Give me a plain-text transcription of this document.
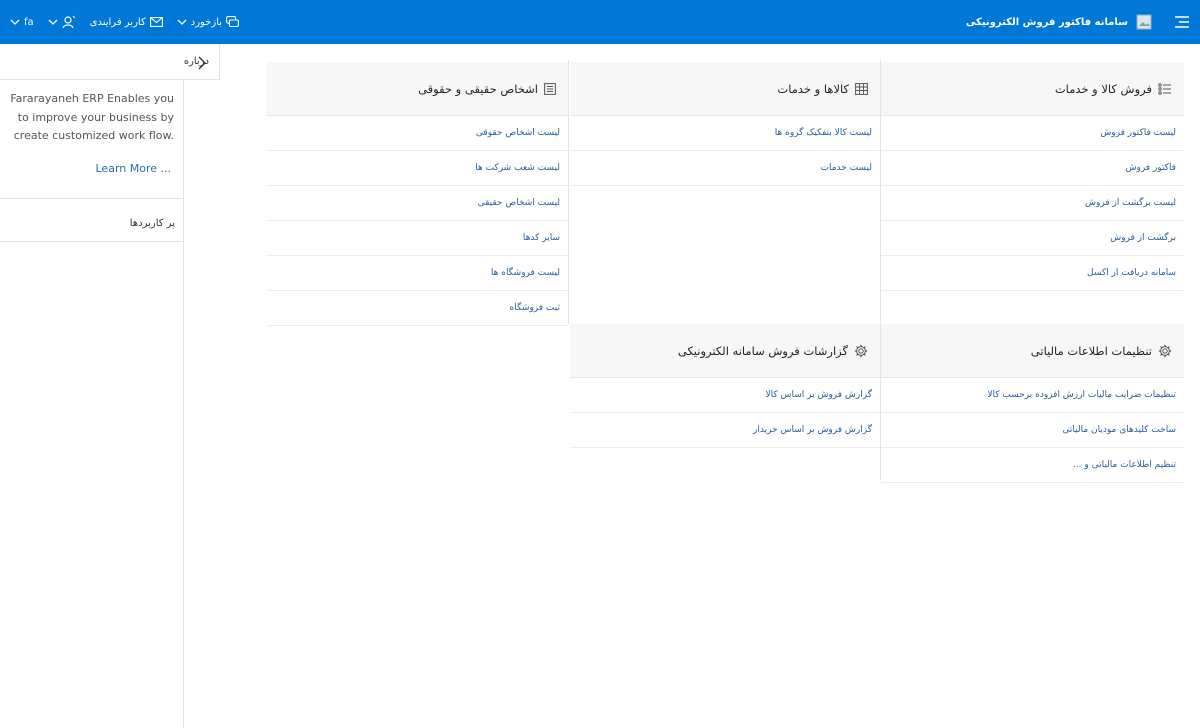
fa	کاربر فرایندی	بازخورد	سامانه فاکتور فروش الکترونیکی
درباره
Fararayaneh ERP Enables you to improve your business by create customized work flow.
Learn More ...
پر کاربردها
فروش کالا و خدمات
لیست فاکتور فروش
فاکتور فروش
لیست برگشت از فروش
برگشت از فروش
سامانه دریافت از اکسل
کالاها و خدمات
لیست کالا بتفکیک گروه ها
لیست خدمات
اشخاص حقیقی و حقوقی
لیست اشخاص حقوقی
لیست شعب شرکت ها
لیست اشخاص حقیقی
سایر کدها
لیست فروشگاه ها
ثبت فروشگاه
تنظیمات اطلاعات مالیاتی
تنظیمات ضرایب مالیات ارزش افزوده برحسب کالا
ساخت کلیدهای مودیان مالیاتی
تنظیم اطلاعات مالیاتی و ...
گزارشات فروش سامانه الکترونیکی
گزارش فروش بر اساس کالا
گزارش فروش بر اساس خریدار
